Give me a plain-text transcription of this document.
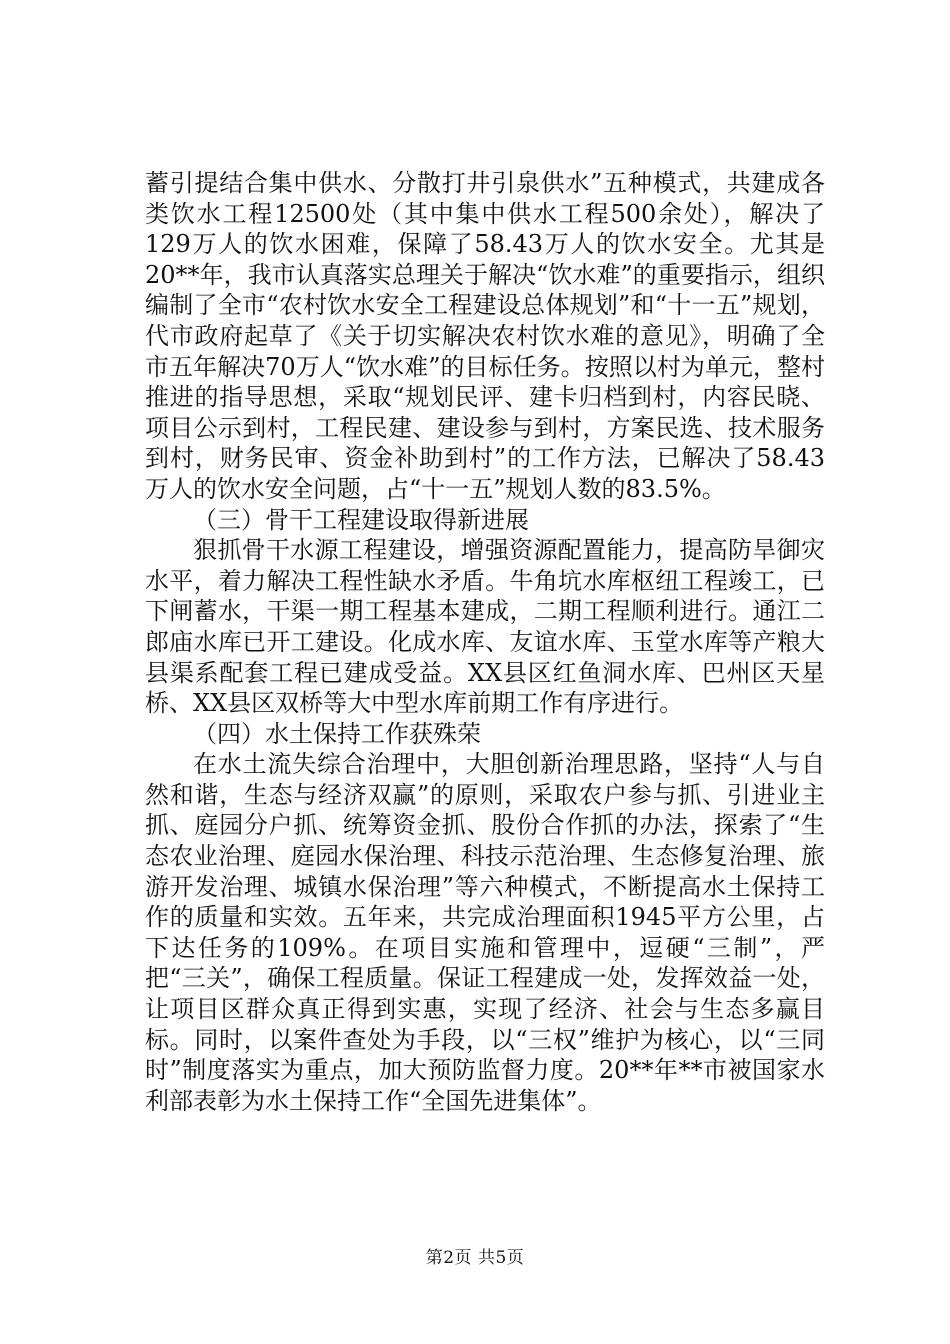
蓄引提结合集中供水、分散打井引泉供水”五种模式，共建成各类饮水工程12500处（其中集中供水工程500余处），解决了129万人的饮水困难，保障了58.43万人的饮水安全。尤其是20**年，我市认真落实总理关于解决“饮水难”的重要指示，组织编制了全市“农村饮水安全工程建设总体规划”和“十一五”规划，代市政府起草了《关于切实解决农村饮水难的意见》，明确了全市五年解决70万人“饮水难”的目标任务。按照以村为单元，整村推进的指导思想，采取“规划民评、建卡归档到村，内容民晓、项目公示到村，工程民建、建设参与到村，方案民选、技术服务到村，财务民审、资金补助到村”的工作方法，已解决了58.43万人的饮水安全问题，占“十一五”规划人数的83.5%。

（三）骨干工程建设取得新进展

狠抓骨干水源工程建设，增强资源配置能力，提高防旱御灾水平，着力解决工程性缺水矛盾。牛角坑水库枢纽工程竣工，已下闸蓄水，干渠一期工程基本建成，二期工程顺利进行。通江二郎庙水库已开工建设。化成水库、友谊水库、玉堂水库等产粮大县渠系配套工程已建成受益。XX县区红鱼洞水库、巴州区天星桥、XX县区双桥等大中型水库前期工作有序进行。

（四）水土保持工作获殊荣

在水土流失综合治理中，大胆创新治理思路，坚持“人与自然和谐，生态与经济双赢”的原则，采取农户参与抓、引进业主抓、庭园分户抓、统筹资金抓、股份合作抓的办法，探索了“生态农业治理、庭园水保治理、科技示范治理、生态修复治理、旅游开发治理、城镇水保治理”等六种模式，不断提高水土保持工作的质量和实效。五年来，共完成治理面积1945平方公里，占下达任务的109%。在项目实施和管理中，逗硬“三制”，严把“三关”，确保工程质量。保证工程建成一处，发挥效益一处，让项目区群众真正得到实惠，实现了经济、社会与生态多赢目标。同时，以案件查处为手段，以“三权”维护为核心，以“三同时”制度落实为重点，加大预防监督力度。20**年**市被国家水利部表彰为水土保持工作“全国先进集体”。

第2页 共5页
